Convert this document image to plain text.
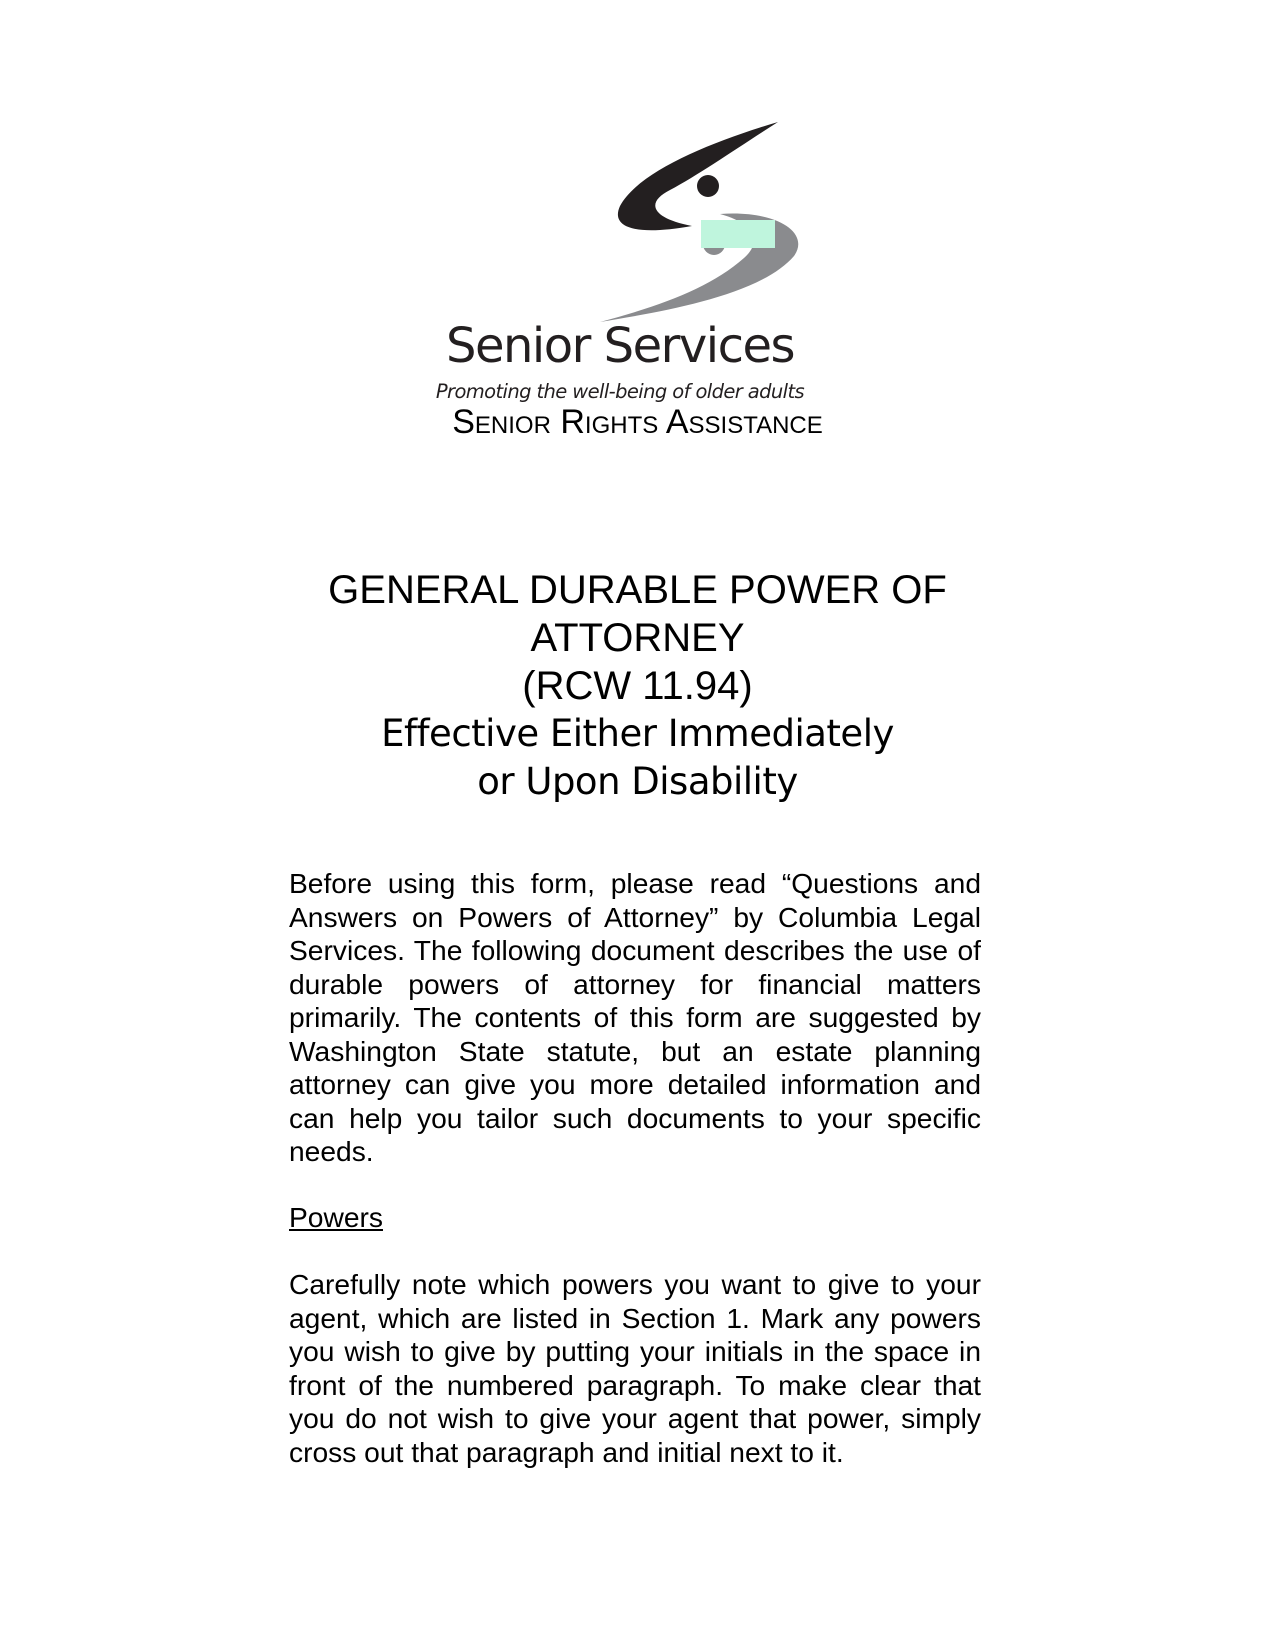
Senior Services
Promoting the well-being of older adults
Senior Rights Assistance
GENERAL DURABLE POWER OF
ATTORNEY
(RCW 11.94)
Effective Either Immediately
or Upon Disability

Before using this form, please read “Questions and Answers on Powers of Attorney” by Columbia Legal Services. The following document describes the use of durable powers of attorney for financial matters primarily. The contents of this form are suggested by Washington State statute, but an estate planning attorney can give you more detailed information and can help you tailor such documents to your specific needs.

Powers

Carefully note which powers you want to give to your agent, which are listed in Section 1. Mark any powers you wish to give by putting your initials in the space in front of the numbered paragraph. To make clear that you do not wish to give your agent that power, simply cross out that paragraph and initial next to it.
